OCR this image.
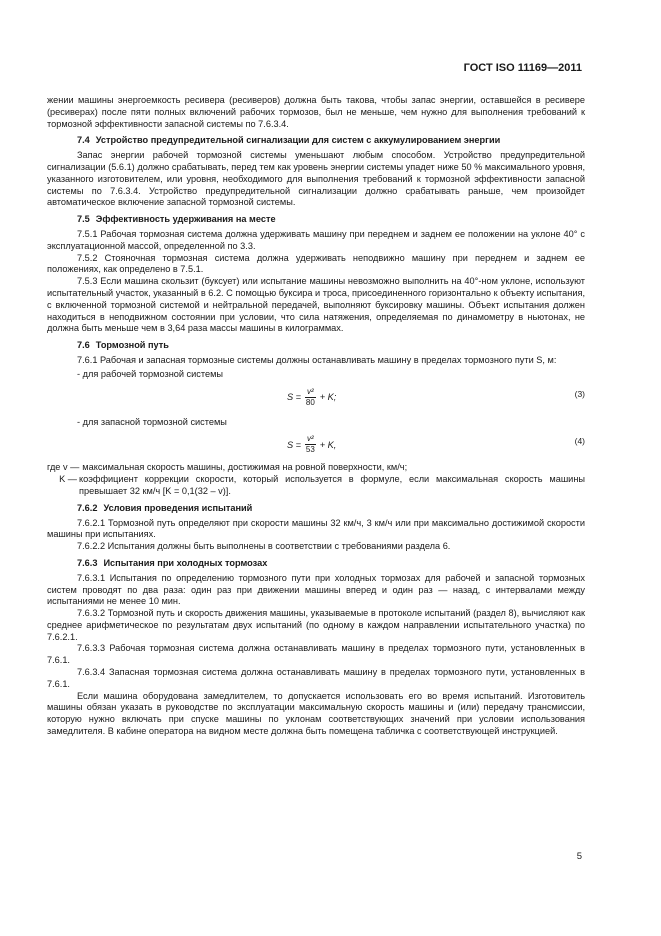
ГОСТ ISO 11169—2011

жении машины энергоемкость ресивера (ресиверов) должна быть такова, чтобы запас энергии, оставшейся в ресивере (ресиверах) после пяти полных включений рабочих тормозов, был не меньше, чем нужно для выполнения требований к тормозной эффективности запасной системы по 7.6.3.4.

7.4 Устройство предупредительной сигнализации для систем с аккумулированием энергии

Запас энергии рабочей тормозной системы уменьшают любым способом. Устройство предупредительной сигнализации (5.6.1) должно срабатывать, перед тем как уровень энергии системы упадет ниже 50 % максимального уровня, указанного изготовителем, или уровня, необходимого для выполнения требований к тормозной эффективности запасной системы по 7.6.3.4. Устройство предупредительной сигнализации должно срабатывать раньше, чем произойдет автоматическое включение запасной тормозной системы.

7.5 Эффективность удерживания на месте

7.5.1 Рабочая тормозная система должна удерживать машину при переднем и заднем ее положении на уклоне 40° с эксплуатационной массой, определенной по 3.3.

7.5.2 Стояночная тормозная система должна удерживать неподвижно машину при переднем и заднем ее положениях, как определено в 7.5.1.

7.5.3 Если машина скользит (буксует) или испытание машины невозможно выполнить на 40°-ном уклоне, используют испытательный участок, указанный в 6.2. С помощью буксира и троса, присоединенного горизонтально к объекту испытания, с включенной тормозной системой и нейтральной передачей, выполняют буксировку машины. Объект испытания должен находиться в неподвижном состоянии при условии, что сила натяжения, определяемая по динамометру в ньютонах, не должна быть меньше чем в 3,64 раза массы машины в килограммах.

7.6 Тормозной путь

7.6.1 Рабочая и запасная тормозные системы должны останавливать машину в пределах тормозного пути S, м:

- для рабочей тормозной системы
$S = \frac{\text{v²}}{80} + K$;	(3)
- для запасной тормозной системы
$S = \frac{\text{v²}}{53} + K$,	(4)
где v — максимальная скорость машины, достижимая на ровной поверхности, км/ч;
K — коэффициент коррекции скорости, который используется в формуле, если максимальная скорость машины превышает 32 км/ч [K = 0,1(32 – v)].
7.6.2 Условия проведения испытаний

7.6.2.1 Тормозной путь определяют при скорости машины 32 км/ч, 3 км/ч или при максимально достижимой скорости машины при испытаниях.

7.6.2.2 Испытания должны быть выполнены в соответствии с требованиями раздела 6.

7.6.3 Испытания при холодных тормозах

7.6.3.1 Испытания по определению тормозного пути при холодных тормозах для рабочей и запасной тормозных систем проводят по два раза: один раз при движении машины вперед и один раз — назад, с интервалами между испытаниями не менее 10 мин.

7.6.3.2 Тормозной путь и скорость движения машины, указываемые в протоколе испытаний (раздел 8), вычисляют как среднее арифметическое по результатам двух испытаний (по одному в каждом направлении испытательного участка) по 7.6.2.1.

7.6.3.3 Рабочая тормозная система должна останавливать машину в пределах тормозного пути, установленных в 7.6.1.

7.6.3.4 Запасная тормозная система должна останавливать машину в пределах тормозного пути, установленных в 7.6.1.

Если машина оборудована замедлителем, то допускается использовать его во время испытаний. Изготовитель машины обязан указать в руководстве по эксплуатации максимальную скорость машины и (или) передачу трансмиссии, которую нужно включать при спуске машины по уклонам соответствующих значений при условии использования замедлителя. В кабине оператора на видном месте должна быть помещена табличка с соответствующей инструкцией.

5
